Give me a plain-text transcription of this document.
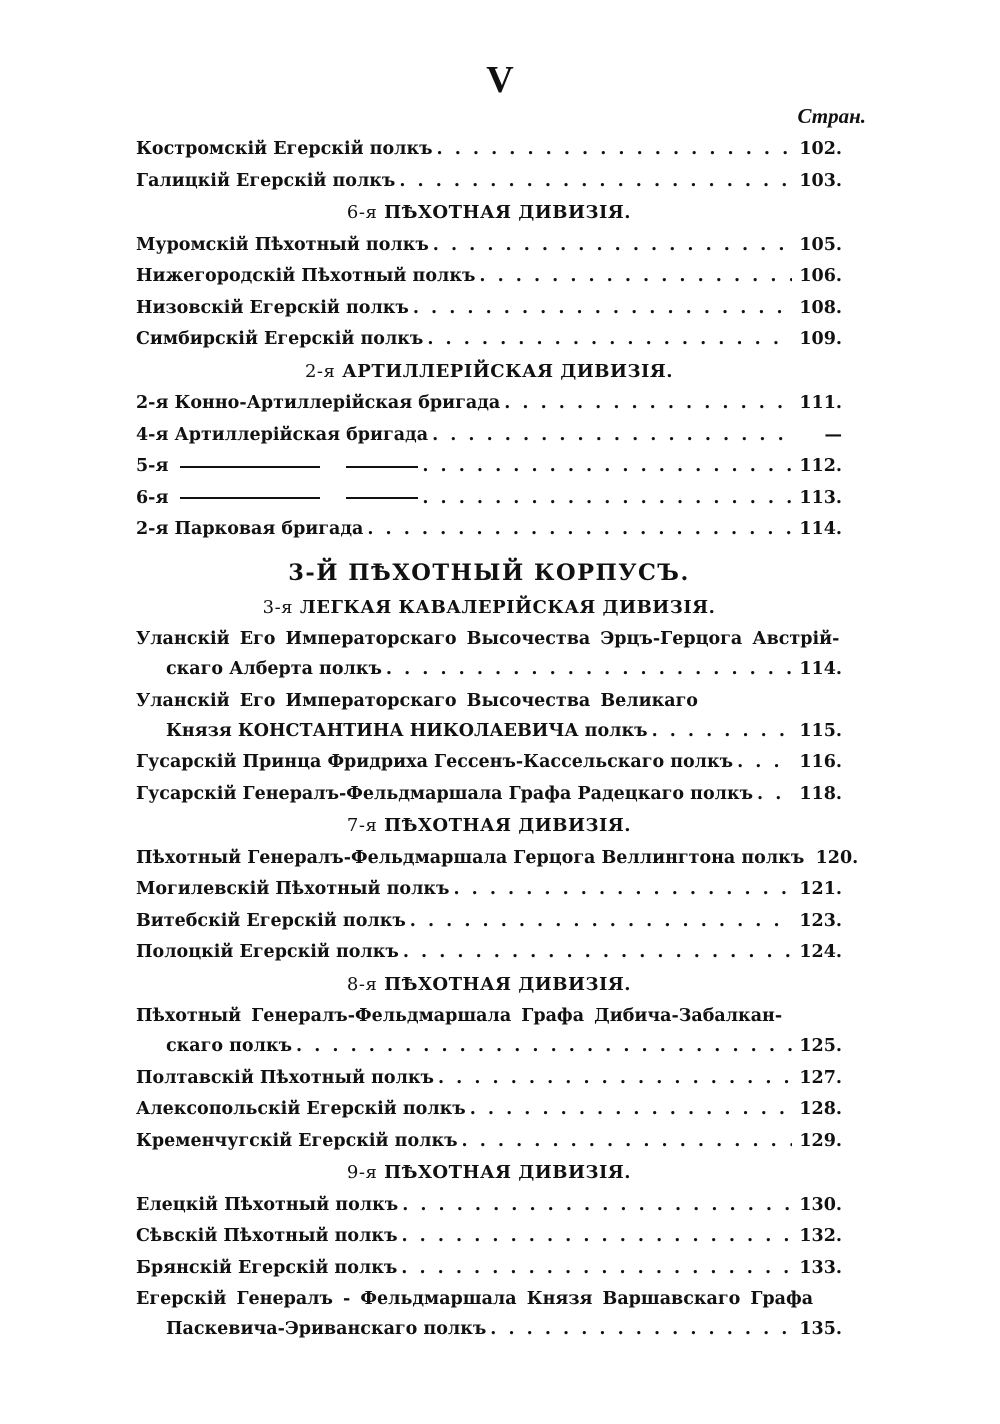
V
Стран.
Костромскій Егерскій полкъ . . .	102.
Галицкій Егерскій полкъ . . .	103.
6-я ПѢХОТНАЯ ДИВИЗІЯ.
Муромскій Пѣхотный полкъ . . .	105.
Нижегородскій Пѣхотный полкъ . . .	106.
Низовскій Егерскій полкъ . . .	108.
Симбирскій Егерскій полкъ . . .	109.
2-я АРТИЛЛЕРІЙСКАЯ ДИВИЗІЯ.
2-я Конно-Артиллерійская бригада . . .	111.
4-я Артиллерійская бригада . . .	—
5-я . . .	112.
6-я . . .	113.
2-я Парковая бригада . . .	114.
3-Й ПѢХОТНЫЙ КОРПУСЪ.
3-я ЛЕГКАЯ КАВАЛЕРІЙСКАЯ ДИВИЗІЯ.
Уланскій Его Императорскаго Высочества Эрцъ-Герцога Австрій-
скаго Алберта полкъ . . .	114.
Уланскій Его Императорскаго Высочества Великаго
Князя КОНСТАНТИНА НИКОЛАЕВИЧА полкъ . . .	115.
Гусарскій Принца Фридриха Гессенъ-Кассельскаго полкъ . . .	116.
Гусарскій Генералъ-Фельдмаршала Графа Радецкаго полкъ . . .	118.
7-я ПѢХОТНАЯ ДИВИЗІЯ.
Пѣхотный Генералъ-Фельдмаршала Герцога Веллингтона полкъ 120.
Могилевскій Пѣхотный полкъ . . .	121.
Витебскій Егерскій полкъ . . .	123.
Полоцкій Егерскій полкъ . . .	124.
8-я ПѢХОТНАЯ ДИВИЗІЯ.
Пѣхотный Генералъ-Фельдмаршала Графа Дибича-Забалкан-
скаго полкъ . . .	125.
Полтавскій Пѣхотный полкъ . . .	127.
Алексопольскій Егерскій полкъ . . .	128.
Кременчугскій Егерскій полкъ . . .	129.
9-я ПѢХОТНАЯ ДИВИЗІЯ.
Елецкій Пѣхотный полкъ . . .	130.
Сѣвскій Пѣхотный полкъ . . .	132.
Брянскій Егерскій полкъ . . .	133.
Егерскій Генералъ - Фельдмаршала Князя Варшавскаго Графа
Паскевича-Эриванскаго полкъ . . .	135.
